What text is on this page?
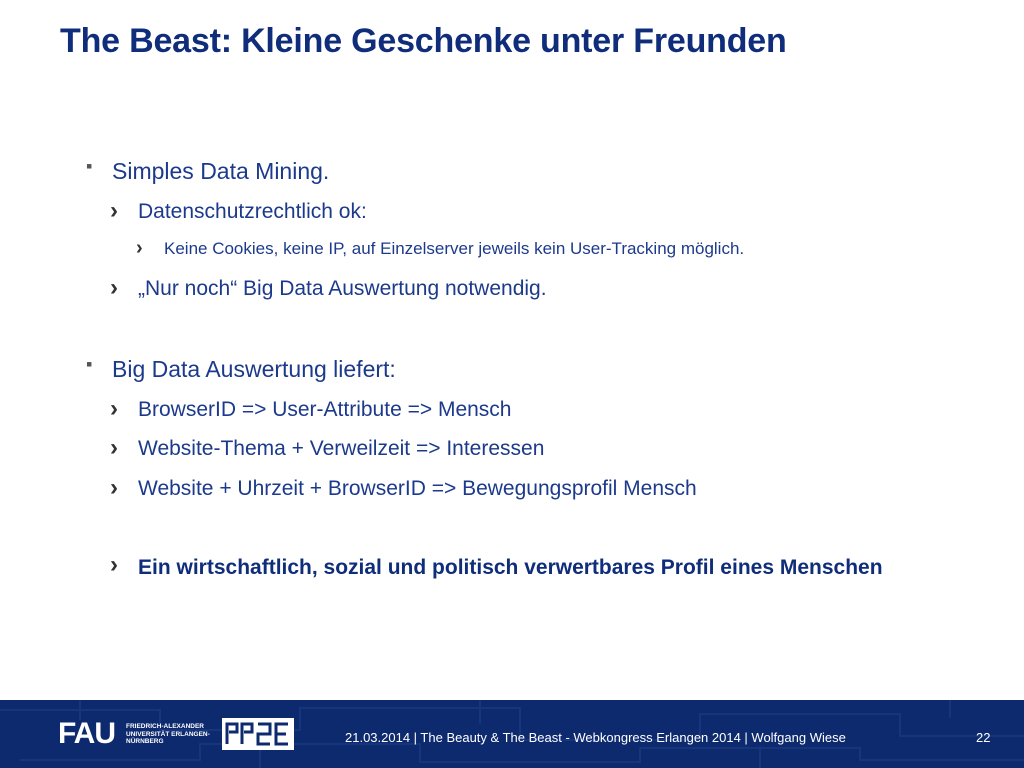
The Beast: Kleine Geschenke unter Freunden
▪ Simples Data Mining.
› Datenschutzrechtlich ok:
› Keine Cookies, keine IP, auf Einzelserver jeweils kein User-Tracking möglich.
› „Nur noch“ Big Data Auswertung notwendig.
▪ Big Data Auswertung liefert:
› BrowserID => User-Attribute => Mensch
› Website-Thema + Verweilzeit => Interessen
› Website + Uhrzeit + BrowserID => Bewegungsprofil Mensch
› Ein wirtschaftlich, sozial und politisch verwertbares Profil eines Menschen
FAU FRIEDRICH-ALEXANDER UNIVERSITÄT ERLANGEN-NÜRNBERG	21.03.2014 | The Beauty & The Beast - Webkongress Erlangen 2014 | Wolfgang Wiese	22
